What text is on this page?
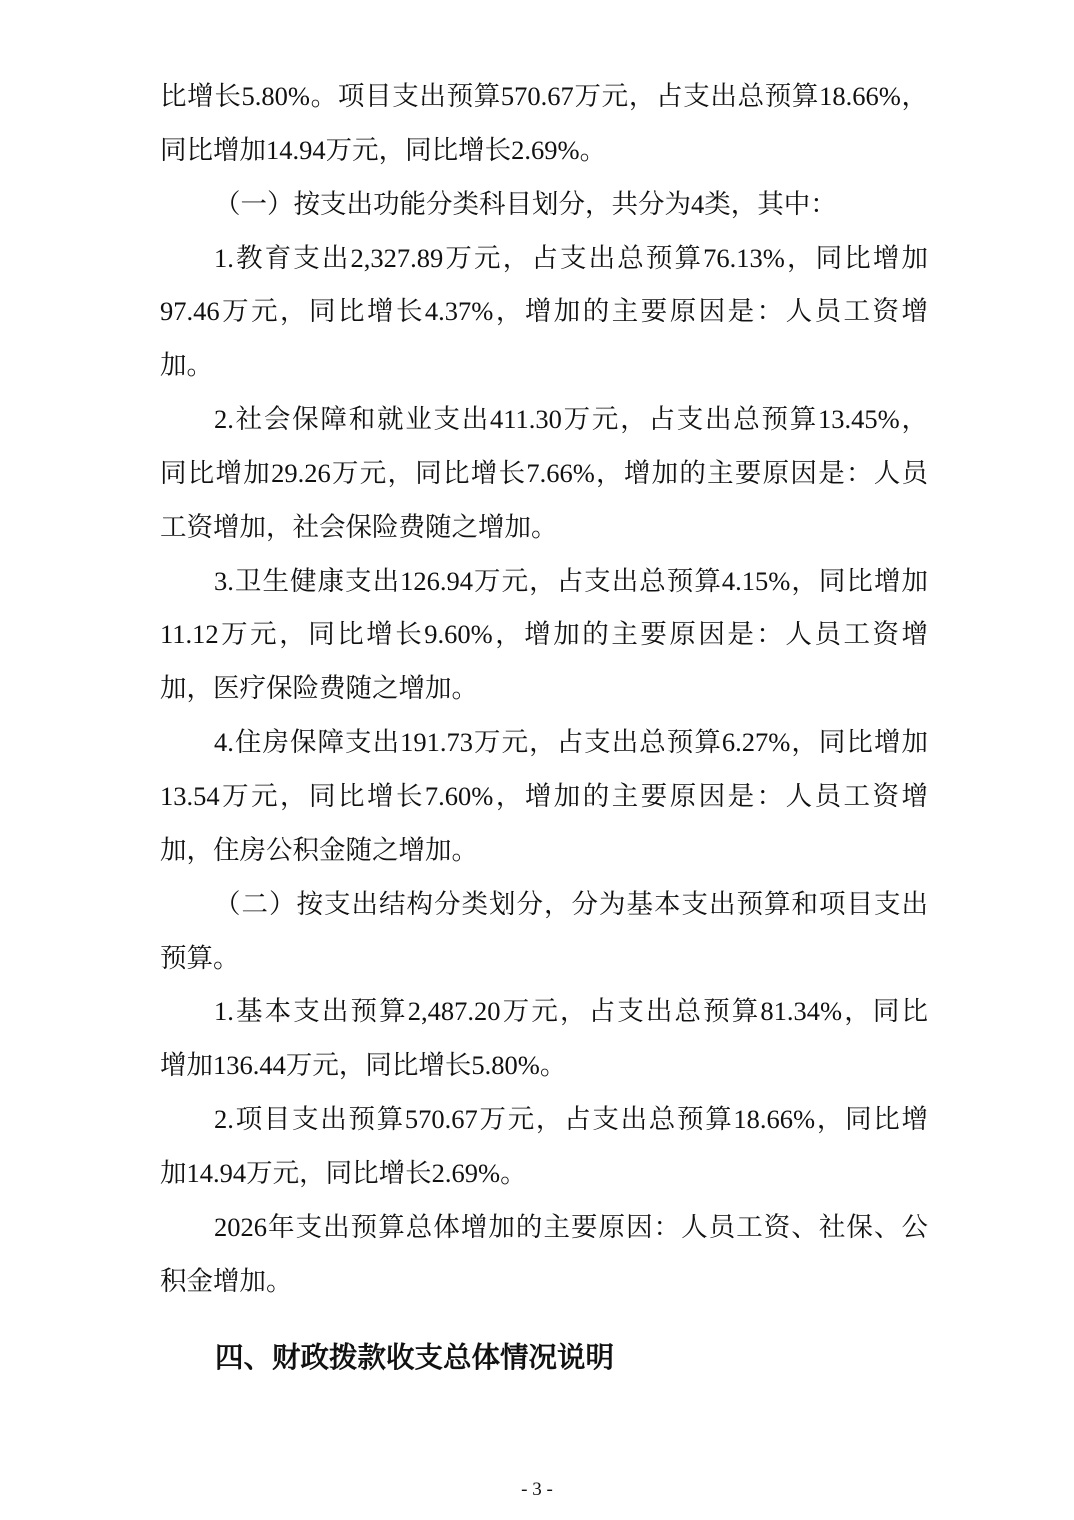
比增长5.80%。项目支出预算570.67万元，占支出总预算18.66%，
同比增加14.94万元，同比增长2.69%。
（一）按支出功能分类科目划分，共分为4类，其中：
1.教育支出2,327.89万元，占支出总预算76.13%，同比增加
97.46万元，同比增长4.37%，增加的主要原因是：人员工资增
加。
2.社会保障和就业支出411.30万元，占支出总预算13.45%，
同比增加29.26万元，同比增长7.66%，增加的主要原因是：人员
工资增加，社会保险费随之增加。
3.卫生健康支出126.94万元，占支出总预算4.15%，同比增加
11.12万元，同比增长9.60%，增加的主要原因是：人员工资增
加，医疗保险费随之增加。
4.住房保障支出191.73万元，占支出总预算6.27%，同比增加
13.54万元，同比增长7.60%，增加的主要原因是：人员工资增
加，住房公积金随之增加。
（二）按支出结构分类划分，分为基本支出预算和项目支出
预算。
1.基本支出预算2,487.20万元，占支出总预算81.34%，同比
增加136.44万元，同比增长5.80%。
2.项目支出预算570.67万元，占支出总预算18.66%，同比增
加14.94万元，同比增长2.69%。
2026年支出预算总体增加的主要原因：人员工资、社保、公
积金增加。
四、财政拨款收支总体情况说明
- 3 -
